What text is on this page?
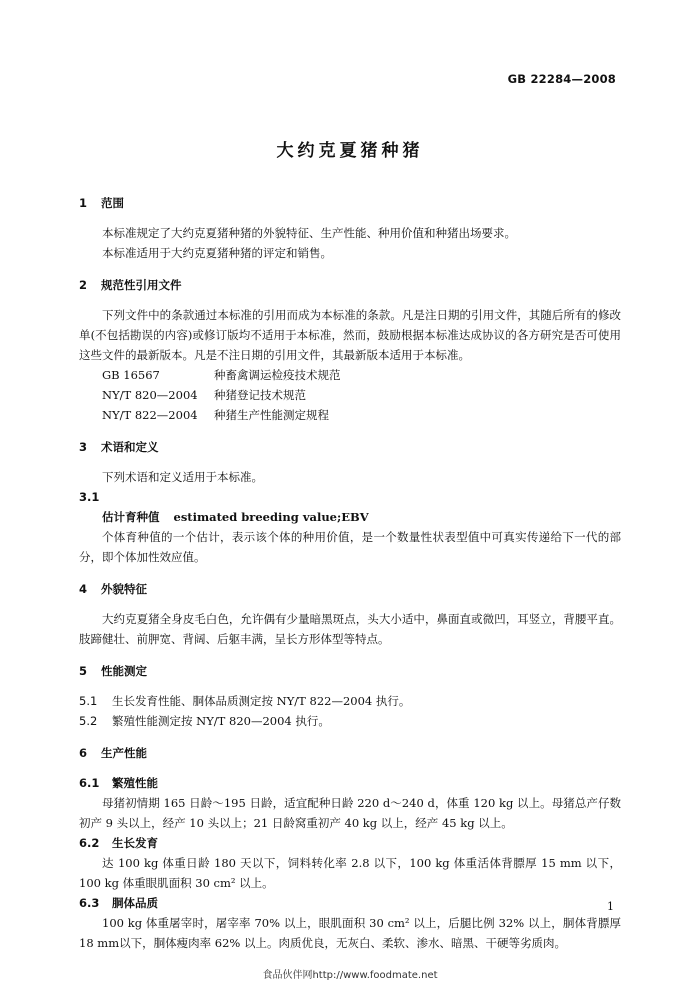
GB 22284—2008
大约克夏猪种猪
1 范围

本标准规定了大约克夏猪种猪的外貌特征、生产性能、种用价值和种猪出场要求。

本标准适用于大约克夏猪种猪的评定和销售。

2 规范性引用文件

下列文件中的条款通过本标准的引用而成为本标准的条款。凡是注日期的引用文件，其随后所有的修改单(不包括勘误的内容)或修订版均不适用于本标准，然而，鼓励根据本标准达成协议的各方研究是否可使用这些文件的最新版本。凡是不注日期的引用文件，其最新版本适用于本标准。

GB 16567	种畜禽调运检疫技术规范
NY/T 820—2004 种猪登记技术规范
NY/T 822—2004 种猪生产性能测定规程
3 术语和定义

下列术语和定义适用于本标准。

3.1
估计育种值 estimated breeding value;EBV

个体育种值的一个估计，表示该个体的种用价值，是一个数量性状表型值中可真实传递给下一代的部分，即个体加性效应值。

4 外貌特征

大约克夏猪全身皮毛白色，允许偶有少量暗黑斑点，头大小适中，鼻面直或微凹，耳竖立，背腰平直。肢蹄健壮、前胛宽、背阔、后躯丰满，呈长方形体型等特点。

5 性能测定
5.1 生长发育性能、胴体品质测定按 NY/T 822—2004 执行。
5.2 繁殖性能测定按 NY/T 820—2004 执行。
6 生产性能
6.1 繁殖性能

母猪初情期 165 日龄～195 日龄，适宜配种日龄 220 d～240 d，体重 120 kg 以上。母猪总产仔数初产 9 头以上，经产 10 头以上；21 日龄窝重初产 40 kg 以上，经产 45 kg 以上。

6.2 生长发育

达 100 kg 体重日龄 180 天以下，饲料转化率 2.8 以下，100 kg 体重活体背膘厚 15 mm 以下，100 kg 体重眼肌面积 30 cm² 以上。

6.3 胴体品质

100 kg 体重屠宰时，屠宰率 70% 以上，眼肌面积 30 cm² 以上，后腿比例 32% 以上，胴体背膘厚 18 mm以下，胴体瘦肉率 62% 以上。肉质优良，无灰白、柔软、渗水、暗黑、干硬等劣质肉。

1
食品伙伴网http://www.foodmate.net
